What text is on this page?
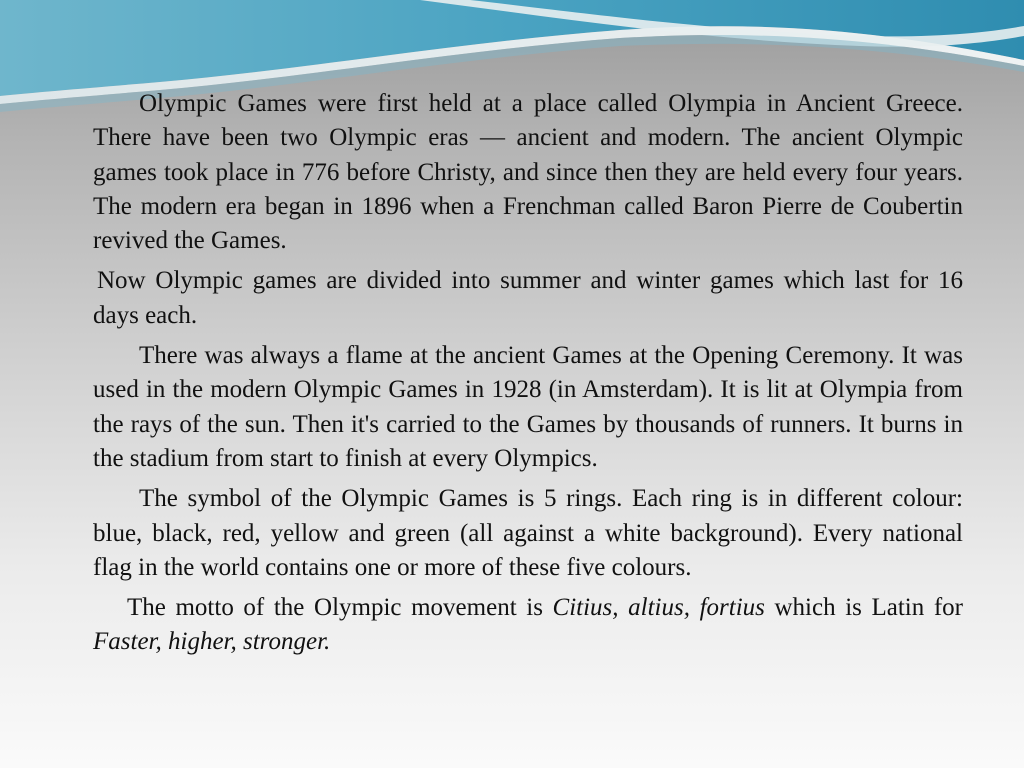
Olympic Games were first held at a place called Olympia in Ancient Greece. There have been two Olympic eras — ancient and modern. The ancient Olympic games took place in 776 before Christy, and since then they are held every four years. The modern era began in 1896 when a Frenchman called Baron Pierre de Coubertin revived the Games.

Now Olympic games are divided into summer and winter games which last for 16 days each.

There was always a flame at the ancient Games at the Opening Ceremony. It was used in the modern Olympic Games in 1928 (in Amsterdam). It is lit at Olympia from the rays of the sun. Then it's carried to the Games by thousands of runners. It burns in the stadium from start to finish at every Olympics.

The symbol of the Olympic Games is 5 rings. Each ring is in different colour: blue, black, red, yellow and green (all against a white background). Every national flag in the world contains one or more of these five colours.

The motto of the Olympic movement is Citius, altius, fortius which is Latin for Faster, higher, stronger.
